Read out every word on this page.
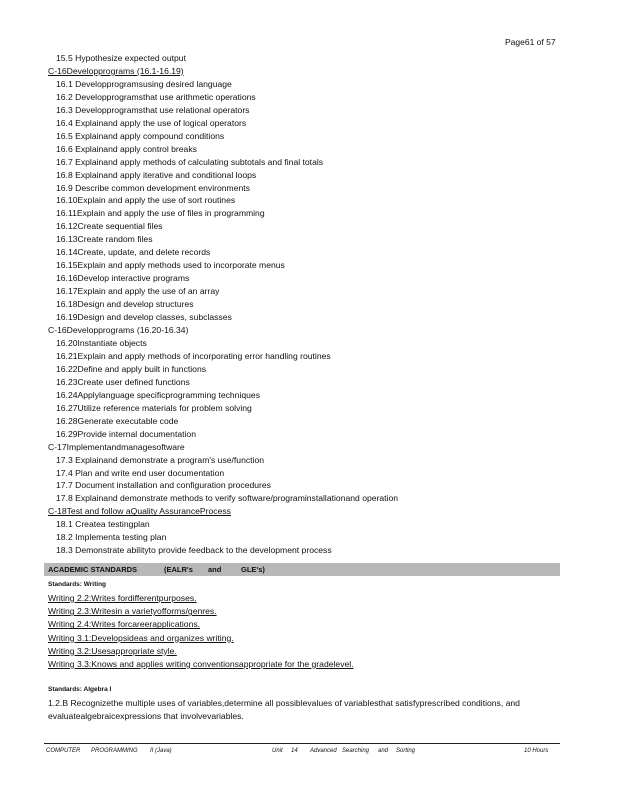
Page61 of 57
15.5 Hypothesize expected output
C-16Developprograms (16.1-16.19)
16.1 Developprogramsusing desired language
16.2 Developprogramsthat use arithmetic operations
16.3 Developprogramsthat use relational operators
16.4 Explainand apply the use of logical operators
16.5 Explainand apply compound conditions
16.6 Explainand apply control breaks
16.7 Explainand apply methods of calculating subtotals and final totals
16.8 Explainand apply iterative and conditional loops
16.9 Describe common development environments
16.10Explain and apply the use of sort routines
16.11Explain and apply the use of files in programming
16.12Create sequential files
16.13Create random files
16.14Create, update, and delete records
16.15Explain and apply methods used to incorporate menus
16.16Develop interactive programs
16.17Explain and apply the use of an array
16.18Design and develop structures
16.19Design and develop classes, subclasses
C-16Developprograms (16.20-16.34)
16.20Instantiate objects
16.21Explain and apply methods of incorporating error handling routines
16.22Define and apply built in functions
16.23Create user defined functions
16.24Applylanguage specificprogramming techniques
16.27Utilize reference materials for problem solving
16.28Generate executable code
16.29Provide internal documentation
C-17Implementandmanagesoftware
17.3 Explainand demonstrate a program's use/function
17.4 Plan and write end user documentation
17.7 Document installation and configuration procedures
17.8 Explainand demonstrate methods to verify software/programinstallationand operation
C-18Test and follow aQuality AssuranceProcess
18.1 Createa testingplan
18.2 Implementa testing plan
18.3 Demonstrate abilityto provide feedback to the development process
ACADEMIC STANDARDS	(EALR's and	GLE's)
Standards: Writing
Writing 2.2:Writes fordifferentpurposes.
Writing 2.3:Writesin a varietyofforms/genres.
Writing 2.4:Writes forcareerapplications.
Writing 3.1:Developsideas and organizes writing.
Writing 3.2:Usesappropriate style.
Writing 3.3:Knows and applies writing conventionsappropriate for the gradelevel.
Standards: Algebra I
1.2.B Recognizethe multiple uses of variables,determine all possiblevalues of variablesthat satisfyprescribed conditions, and evaluatealgebraicexpressions that involvevariables.
COMPUTER PROGRAMMING II (Java)	Unit 14 Advanced Searching and Sorting	10 Hours
